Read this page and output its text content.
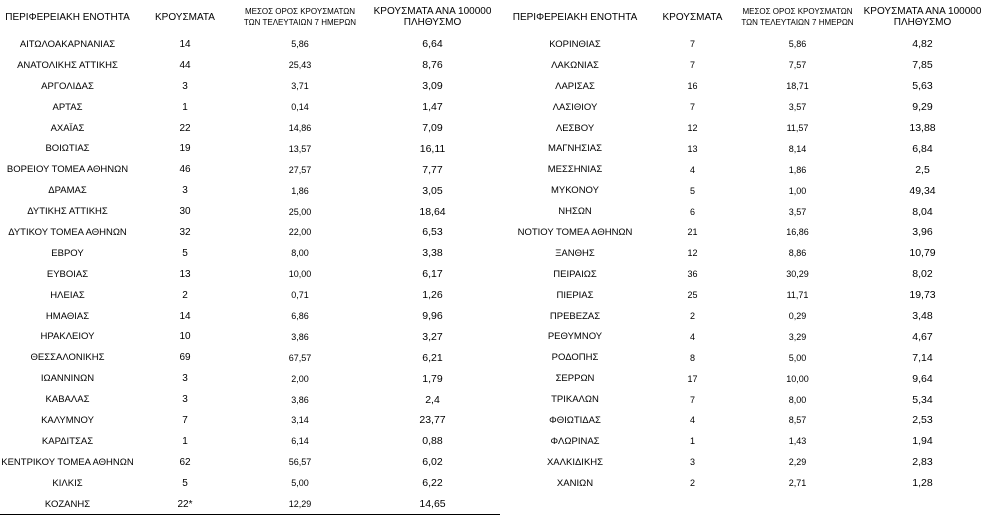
ΠΕΡΙΦΕΡΕΙΑΚΗ ΕΝΟΤΗΤΑ	ΚΡΟΥΣΜΑΤΑ	ΜΕΣΟΣ ΟΡΟΣ ΚΡΟΥΣΜΑΤΩΝ
ΤΩΝ ΤΕΛΕΥΤΑΙΩΝ 7 ΗΜΕΡΩΝ	ΚΡΟΥΣΜΑΤΑ ΑΝΑ 100000
ΠΛΗΘΥΣΜΟ
ΑΙΤΩΛΟΑΚΑΡΝΑΝΙΑΣ	14	5,86	6,64
ΑΝΑΤΟΛΙΚΗΣ ΑΤΤΙΚΗΣ	44	25,43	8,76
ΑΡΓΟΛΙΔΑΣ	3	3,71	3,09
ΑΡΤΑΣ	1	0,14	1,47
ΑΧΑΪΑΣ	22	14,86	7,09
ΒΟΙΩΤΙΑΣ	19	13,57	16,11
ΒΟΡΕΙΟΥ ΤΟΜΕΑ ΑΘΗΝΩΝ	46	27,57	7,77
ΔΡΑΜΑΣ	3	1,86	3,05
ΔΥΤΙΚΗΣ ΑΤΤΙΚΗΣ	30	25,00	18,64
ΔΥΤΙΚΟΥ ΤΟΜΕΑ ΑΘΗΝΩΝ	32	22,00	6,53
ΕΒΡΟΥ	5	8,00	3,38
ΕΥΒΟΙΑΣ	13	10,00	6,17
ΗΛΕΙΑΣ	2	0,71	1,26
ΗΜΑΘΙΑΣ	14	6,86	9,96
ΗΡΑΚΛΕΙΟΥ	10	3,86	3,27
ΘΕΣΣΑΛΟΝΙΚΗΣ	69	67,57	6,21
ΙΩΑΝΝΙΝΩΝ	3	2,00	1,79
ΚΑΒΑΛΑΣ	3	3,86	2,4
ΚΑΛΥΜΝΟΥ	7	3,14	23,77
ΚΑΡΔΙΤΣΑΣ	1	6,14	0,88
ΚΕΝΤΡΙΚΟΥ ΤΟΜΕΑ ΑΘΗΝΩΝ	62	56,57	6,02
ΚΙΛΚΙΣ	5	5,00	6,22
ΚΟΖΑΝΗΣ	22*	12,29	14,65
ΠΕΡΙΦΕΡΕΙΑΚΗ ΕΝΟΤΗΤΑ	ΚΡΟΥΣΜΑΤΑ	ΜΕΣΟΣ ΟΡΟΣ ΚΡΟΥΣΜΑΤΩΝ
ΤΩΝ ΤΕΛΕΥΤΑΙΩΝ 7 ΗΜΕΡΩΝ	ΚΡΟΥΣΜΑΤΑ ΑΝΑ 100000
ΠΛΗΘΥΣΜΟ
ΚΟΡΙΝΘΙΑΣ	7	5,86	4,82
ΛΑΚΩΝΙΑΣ	7	7,57	7,85
ΛΑΡΙΣΑΣ	16	18,71	5,63
ΛΑΣΙΘΙΟΥ	7	3,57	9,29
ΛΕΣΒΟΥ	12	11,57	13,88
ΜΑΓΝΗΣΙΑΣ	13	8,14	6,84
ΜΕΣΣΗΝΙΑΣ	4	1,86	2,5
ΜΥΚΟΝΟΥ	5	1,00	49,34
ΝΗΣΩΝ	6	3,57	8,04
ΝΟΤΙΟΥ ΤΟΜΕΑ ΑΘΗΝΩΝ	21	16,86	3,96
ΞΑΝΘΗΣ	12	8,86	10,79
ΠΕΙΡΑΙΩΣ	36	30,29	8,02
ΠΙΕΡΙΑΣ	25	11,71	19,73
ΠΡΕΒΕΖΑΣ	2	0,29	3,48
ΡΕΘΥΜΝΟΥ	4	3,29	4,67
ΡΟΔΟΠΗΣ	8	5,00	7,14
ΣΕΡΡΩΝ	17	10,00	9,64
ΤΡΙΚΑΛΩΝ	7	8,00	5,34
ΦΘΙΩΤΙΔΑΣ	4	8,57	2,53
ΦΛΩΡΙΝΑΣ	1	1,43	1,94
ΧΑΛΚΙΔΙΚΗΣ	3	2,29	2,83
ΧΑΝΙΩΝ	2	2,71	1,28
